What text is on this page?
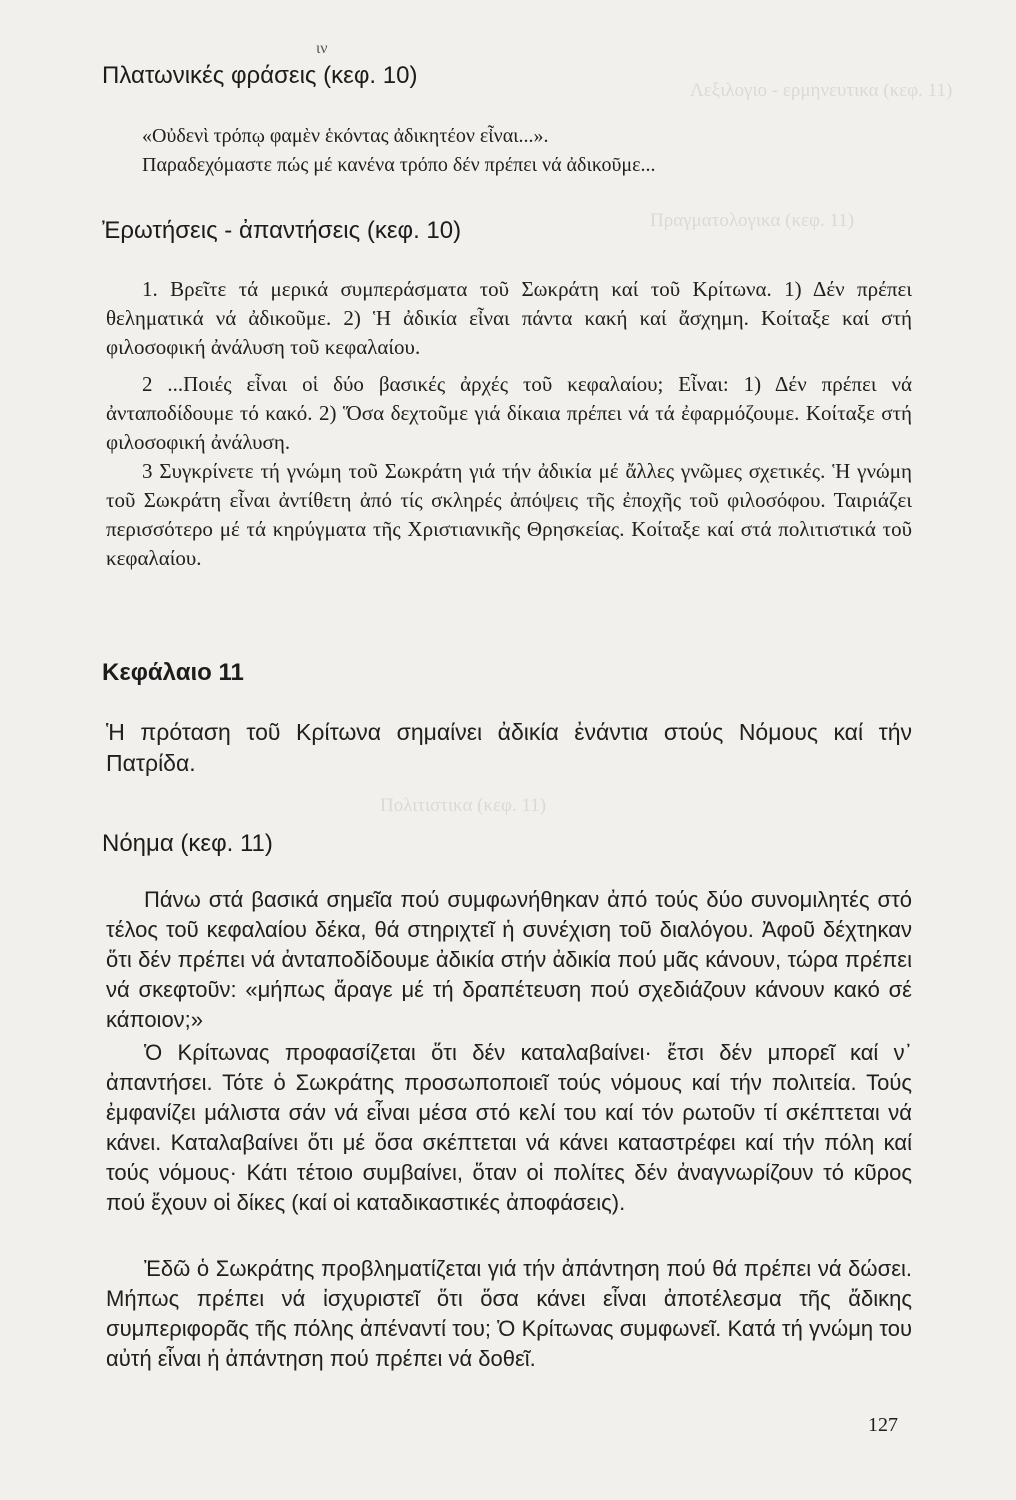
Λεξιλογιο - ερμηνευτικα (κεφ. 11)
Πραγματολογικα (κεφ. 11)
Πολιτιστικα (κεφ. 11)
ιν
Πλατωνικές φράσεις (κεφ. 10)

«Οὐδενὶ τρόπῳ φαμὲν ἑκόντας ἀδικητέον εἶναι...».

Παραδεχόμαστε πώς μέ κανένα τρόπο δέν πρέπει νά ἀδικοῦμε...

Ἐρωτήσεις - ἀπαντήσεις (κεφ. 10)

1. Βρεῖτε τά μερικά συμπεράσματα τοῦ Σωκράτη καί τοῦ Κρίτωνα. 1) Δέν πρέπει θεληματικά νά ἀδικοῦμε. 2) Ἡ ἀδικία εἶναι πάντα κακή καί ἄσχημη. Κοίταξε καί στή φιλοσοφική ἀνάλυση τοῦ κεφαλαίου.

2 ...Ποιές εἶναι οἱ δύο βασικές ἀρχές τοῦ κεφαλαίου; Εἶναι: 1) Δέν πρέπει νά ἀνταποδίδουμε τό κακό. 2) Ὅσα δεχτοῦμε γιά δίκαια πρέπει νά τά ἐφαρμόζουμε. Κοίταξε στή φιλοσοφική ἀνάλυση.

3 Συγκρίνετε τή γνώμη τοῦ Σωκράτη γιά τήν ἀδικία μέ ἄλλες γνῶμες σχετικές. Ἡ γνώμη τοῦ Σωκράτη εἶναι ἀντίθετη ἀπό τίς σκληρές ἀπόψεις τῆς ἐποχῆς τοῦ φιλοσόφου. Ταιριάζει περισσότερο μέ τά κηρύγματα τῆς Χριστιανικῆς Θρησκείας. Κοίταξε καί στά πολιτιστικά τοῦ κεφαλαίου.

Κεφάλαιο 11

Ἡ πρόταση τοῦ Κρίτωνα σημαίνει ἀδικία ἐνάντια στούς Νόμους καί τήν Πατρίδα.

Νόημα (κεφ. 11)

Πάνω στά βασικά σημεῖα πού συμφωνήθηκαν ἀπό τούς δύο συνομιλητές στό τέλος τοῦ κεφαλαίου δέκα, θά στηριχτεῖ ἡ συνέχιση τοῦ διαλόγου. Ἀφοῦ δέχτηκαν ὅτι δέν πρέπει νά ἀνταποδίδουμε ἀδικία στήν ἀδικία πού μᾶς κάνουν, τώρα πρέπει νά σκεφτοῦν: «μήπως ἄραγε μέ τή δραπέτευση πού σχεδιάζουν κάνουν κακό σέ κάποιον;»

Ὁ Κρίτωνας προφασίζεται ὅτι δέν καταλαβαίνει· ἔτσι δέν μπορεῖ καί ν᾿ ἀπαντήσει. Τότε ὁ Σωκράτης προσωποποιεῖ τούς νόμους καί τήν πολιτεία. Τούς ἐμφανίζει μάλιστα σάν νά εἶναι μέσα στό κελί του καί τόν ρωτοῦν τί σκέπτεται νά κάνει. Καταλαβαίνει ὅτι μέ ὅσα σκέπτεται νά κάνει καταστρέφει καί τήν πόλη καί τούς νόμους· Κάτι τέτοιο συμβαίνει, ὅταν οἱ πολίτες δέν ἀναγνωρίζουν τό κῦρος πού ἔχουν οἱ δίκες (καί οἱ καταδικαστικές ἀποφάσεις).

Ἐδῶ ὁ Σωκράτης προβληματίζεται γιά τήν ἀπάντηση πού θά πρέπει νά δώσει. Μήπως πρέπει νά ἰσχυριστεῖ ὅτι ὅσα κάνει εἶναι ἀποτέλεσμα τῆς ἄδικης συμπεριφορᾶς τῆς πόλης ἀπέναντί του; Ὁ Κρίτωνας συμφωνεῖ. Κατά τή γνώμη του αὐτή εἶναι ἡ ἀπάντηση πού πρέπει νά δοθεῖ.

127
